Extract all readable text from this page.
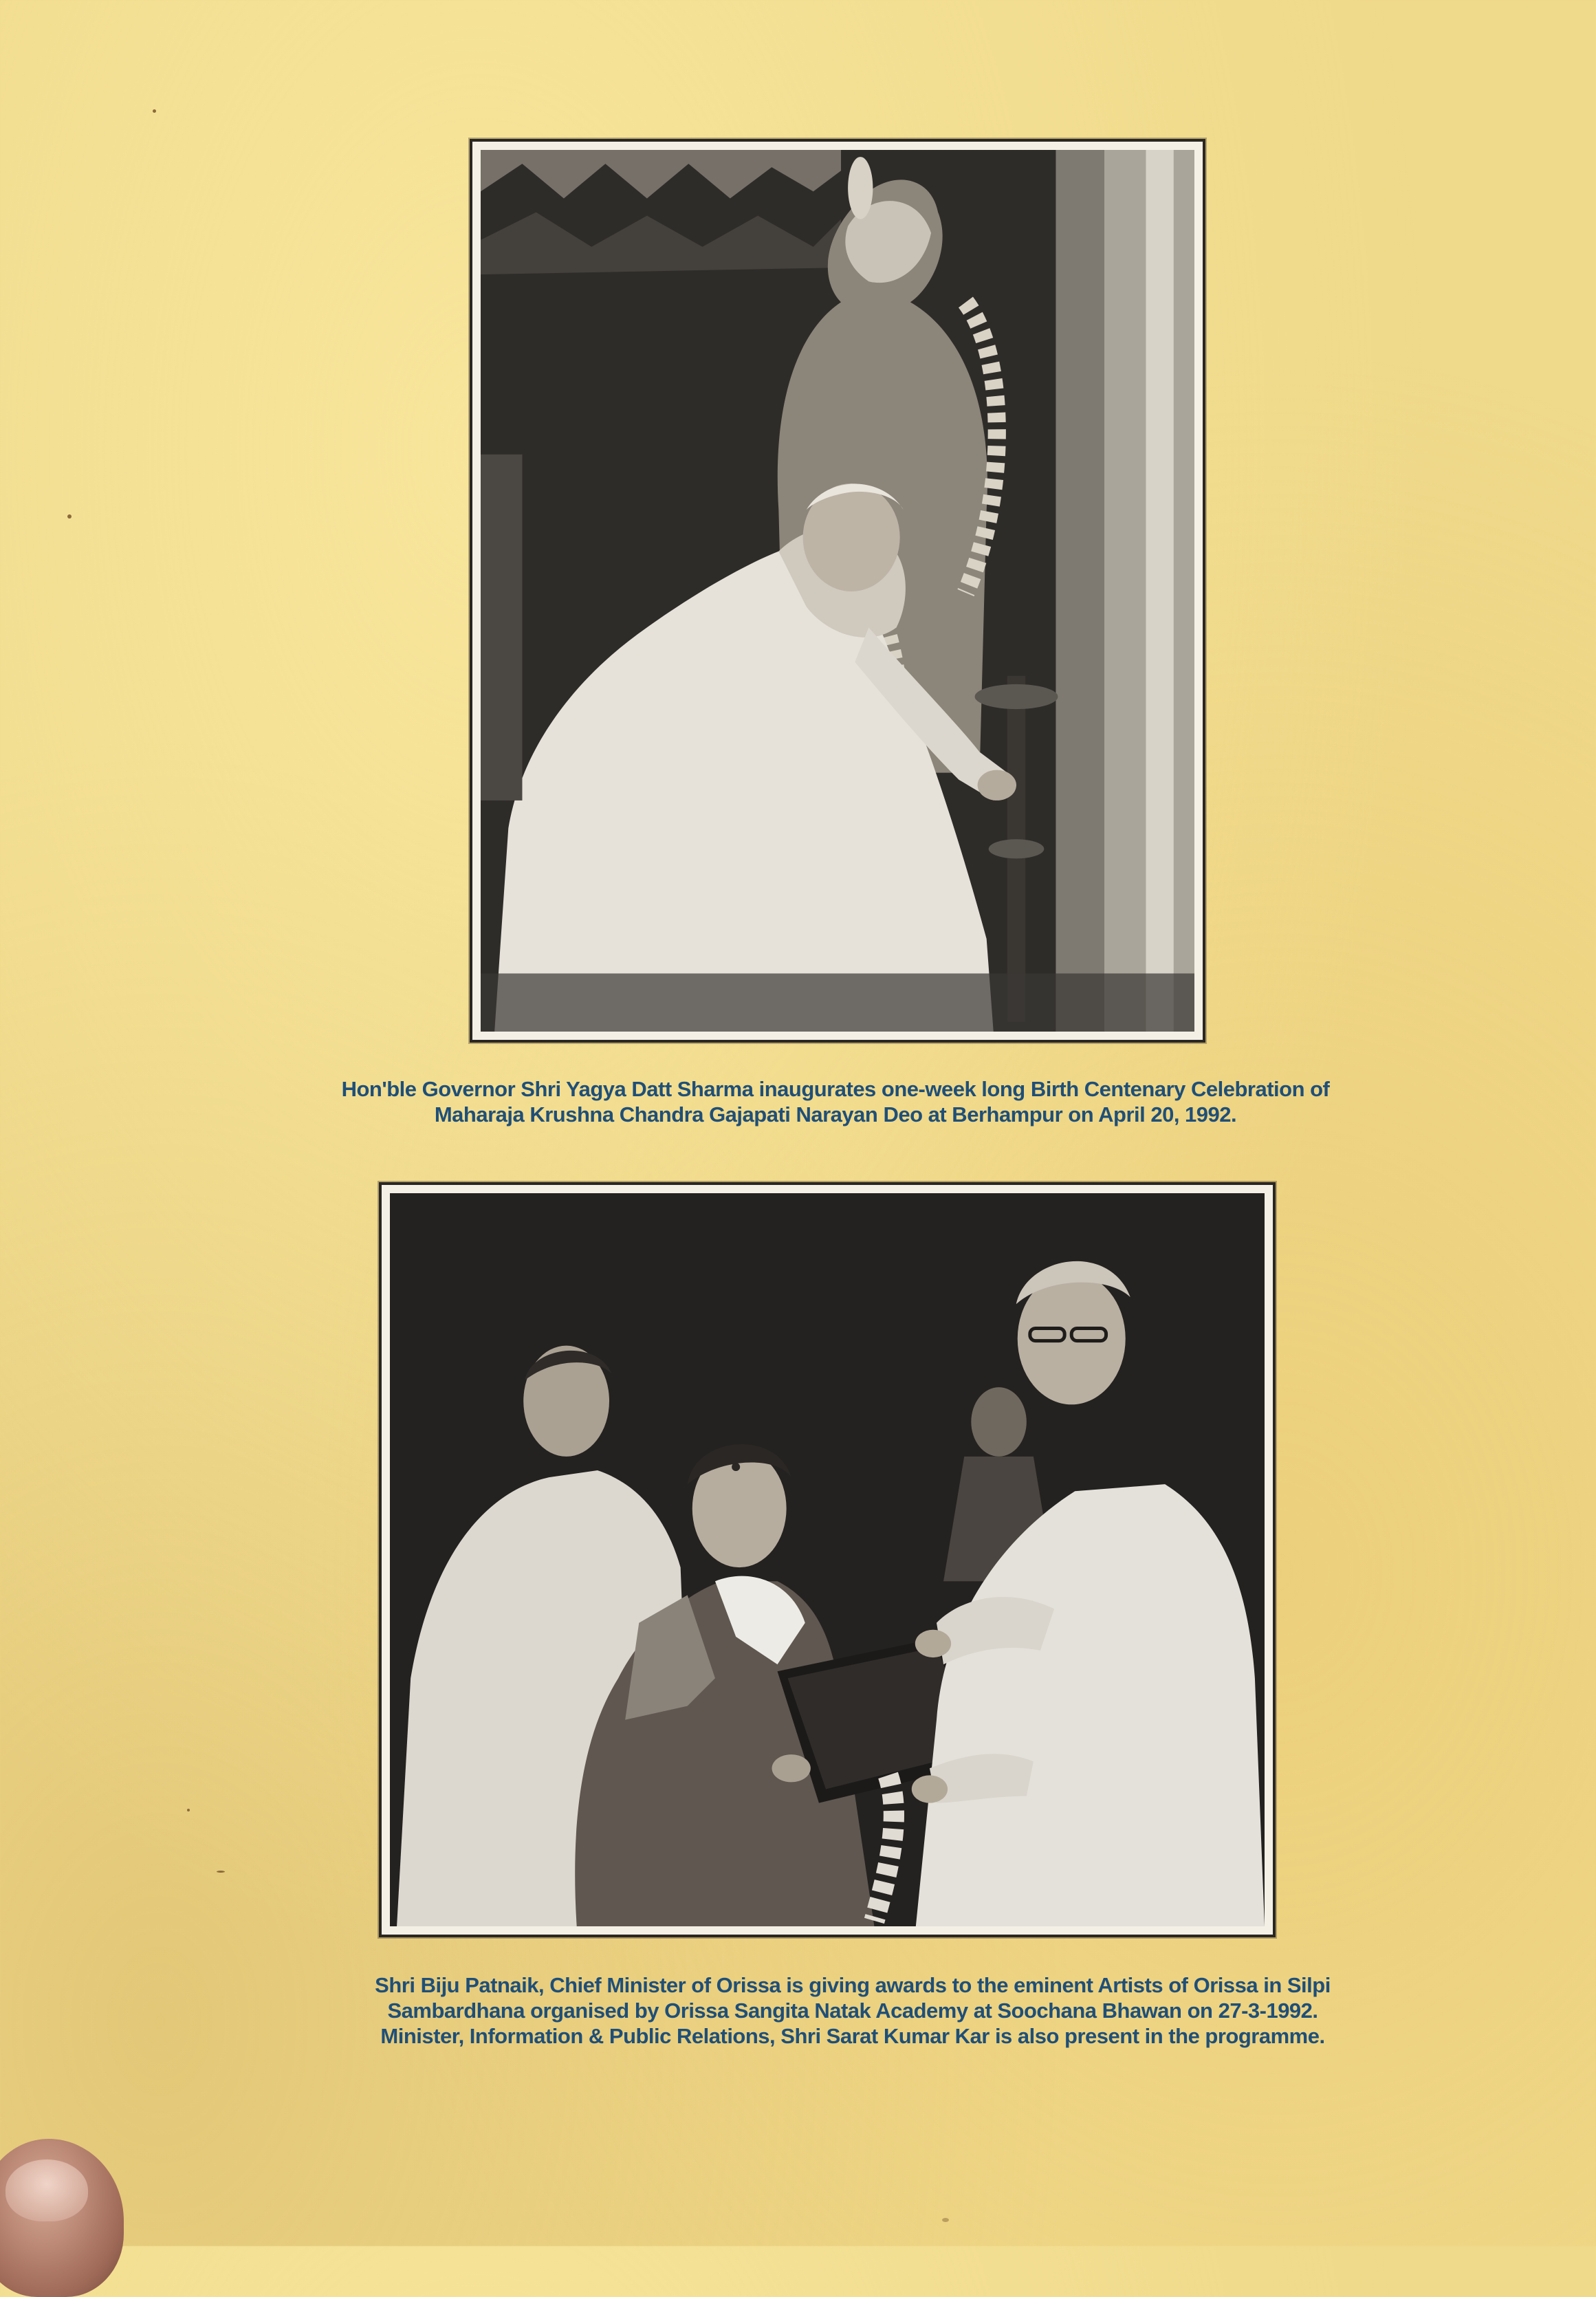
Hon'ble Governor Shri Yagya Datt Sharma inaugurates one-week long Birth Centenary Celebration of
Maharaja Krushna Chandra Gajapati Narayan Deo at Berhampur on April 20, 1992.
Shri Biju Patnaik, Chief Minister of Orissa is giving awards to the eminent Artists of Orissa in Silpi
Sambardhana organised by Orissa Sangita Natak Academy at Soochana Bhawan on 27-3-1992.
Minister, Information & Public Relations, Shri Sarat Kumar Kar is also present in the programme.
